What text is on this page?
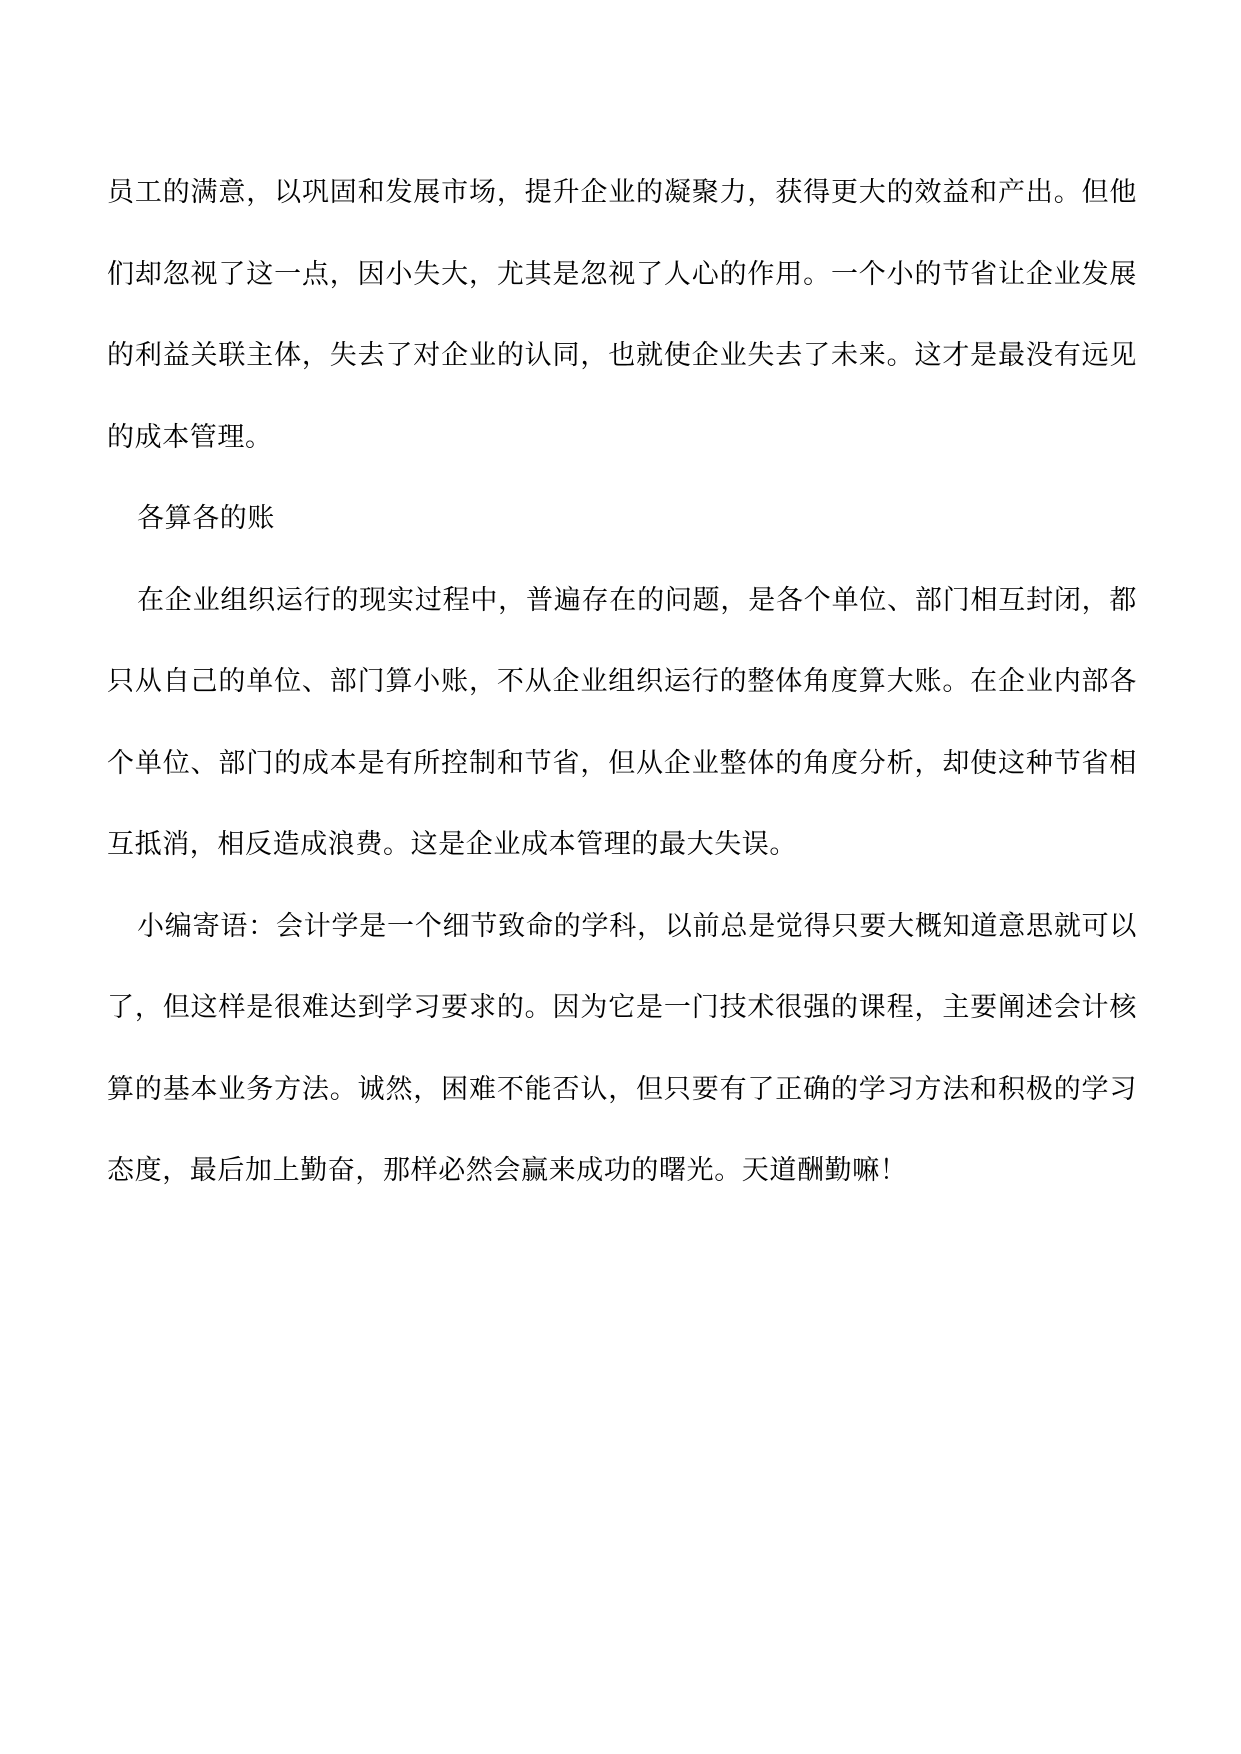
员工的满意，以巩固和发展市场，提升企业的凝聚力，获得更大的效益和产出。但他们却忽视了这一点，因小失大，尤其是忽视了人心的作用。一个小的节省让企业发展的利益关联主体，失去了对企业的认同，也就使企业失去了未来。这才是最没有远见的成本管理。

各算各的账

在企业组织运行的现实过程中，普遍存在的问题，是各个单位、部门相互封闭，都只从自己的单位、部门算小账，不从企业组织运行的整体角度算大账。在企业内部各个单位、部门的成本是有所控制和节省，但从企业整体的角度分析，却使这种节省相互抵消，相反造成浪费。这是企业成本管理的最大失误。

小编寄语：会计学是一个细节致命的学科，以前总是觉得只要大概知道意思就可以了，但这样是很难达到学习要求的。因为它是一门技术很强的课程，主要阐述会计核算的基本业务方法。诚然，困难不能否认，但只要有了正确的学习方法和积极的学习态度，最后加上勤奋，那样必然会赢来成功的曙光。天道酬勤嘛！
